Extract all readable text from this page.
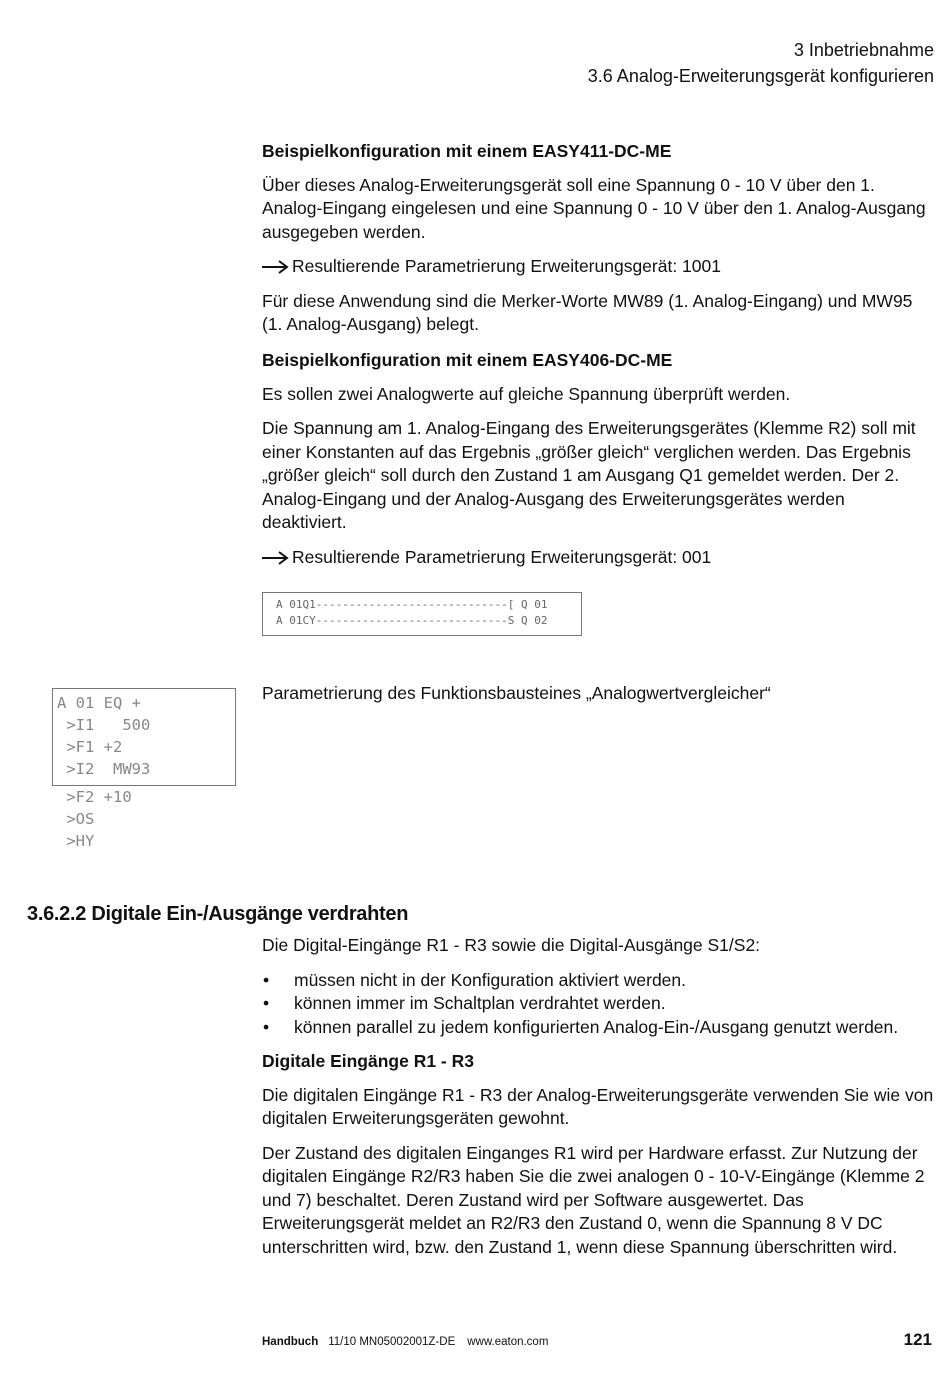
3 Inbetriebnahme
3.6 Analog-Erweiterungsgerät konfigurieren

Beispielkonfiguration mit einem EASY411-DC-ME

Über dieses Analog-Erweiterungsgerät soll eine Spannung 0 - 10 V über den 1. Analog-Eingang eingelesen und eine Spannung 0 - 10 V über den 1. Analog-Ausgang ausgegeben werden.

Resultierende Parametrierung Erweiterungsgerät: 1001

Für diese Anwendung sind die Merker-Worte MW89 (1. Analog-Eingang) und MW95 (1. Analog-Ausgang) belegt.

Beispielkonfiguration mit einem EASY406-DC-ME

Es sollen zwei Analogwerte auf gleiche Spannung überprüft werden.

Die Spannung am 1. Analog-Eingang des Erweiterungsgerätes (Klemme R2) soll mit einer Konstanten auf das Ergebnis „größer gleich“ verglichen werden. Das Ergebnis „größer gleich“ soll durch den Zustand 1 am Ausgang Q1 gemeldet werden. Der 2. Analog-Eingang und der Analog-Ausgang des Erweiterungsgerätes werden deaktiviert.

Resultierende Parametrierung Erweiterungsgerät: 001

A 01Q1-----------------------------[ Q 01
A 01CY-----------------------------S Q 02
A 01 EQ +
>I1   500
>F1 +2
>I2  MW93
>F2 +10
>OS
>HY
Parametrierung des Funktionsbausteines „Analogwertvergleicher“
3.6.2.2 Digitale Ein-/Ausgänge verdrahten

Die Digital-Eingänge R1 - R3 sowie die Digital-Ausgänge S1/S2:

• müssen nicht in der Konfiguration aktiviert werden.
• können immer im Schaltplan verdrahtet werden.
• können parallel zu jedem konfigurierten Analog-Ein-/Ausgang genutzt werden.

Digitale Eingänge R1 - R3

Die digitalen Eingänge R1 - R3 der Analog-Erweiterungsgeräte verwenden Sie wie von digitalen Erweiterungsgeräten gewohnt.

Der Zustand des digitalen Einganges R1 wird per Hardware erfasst. Zur Nutzung der digitalen Eingänge R2/R3 haben Sie die zwei analogen 0 - 10-V-Eingänge (Klemme 2 und 7) beschaltet. Deren Zustand wird per Software ausgewertet. Das Erweiterungsgerät meldet an R2/R3 den Zustand 0, wenn die Spannung 8 V DC unterschritten wird, bzw. den Zustand 1, wenn diese Spannung überschritten wird.

Handbuch 11/10 MN05002001Z-DE www.eaton.com	121
